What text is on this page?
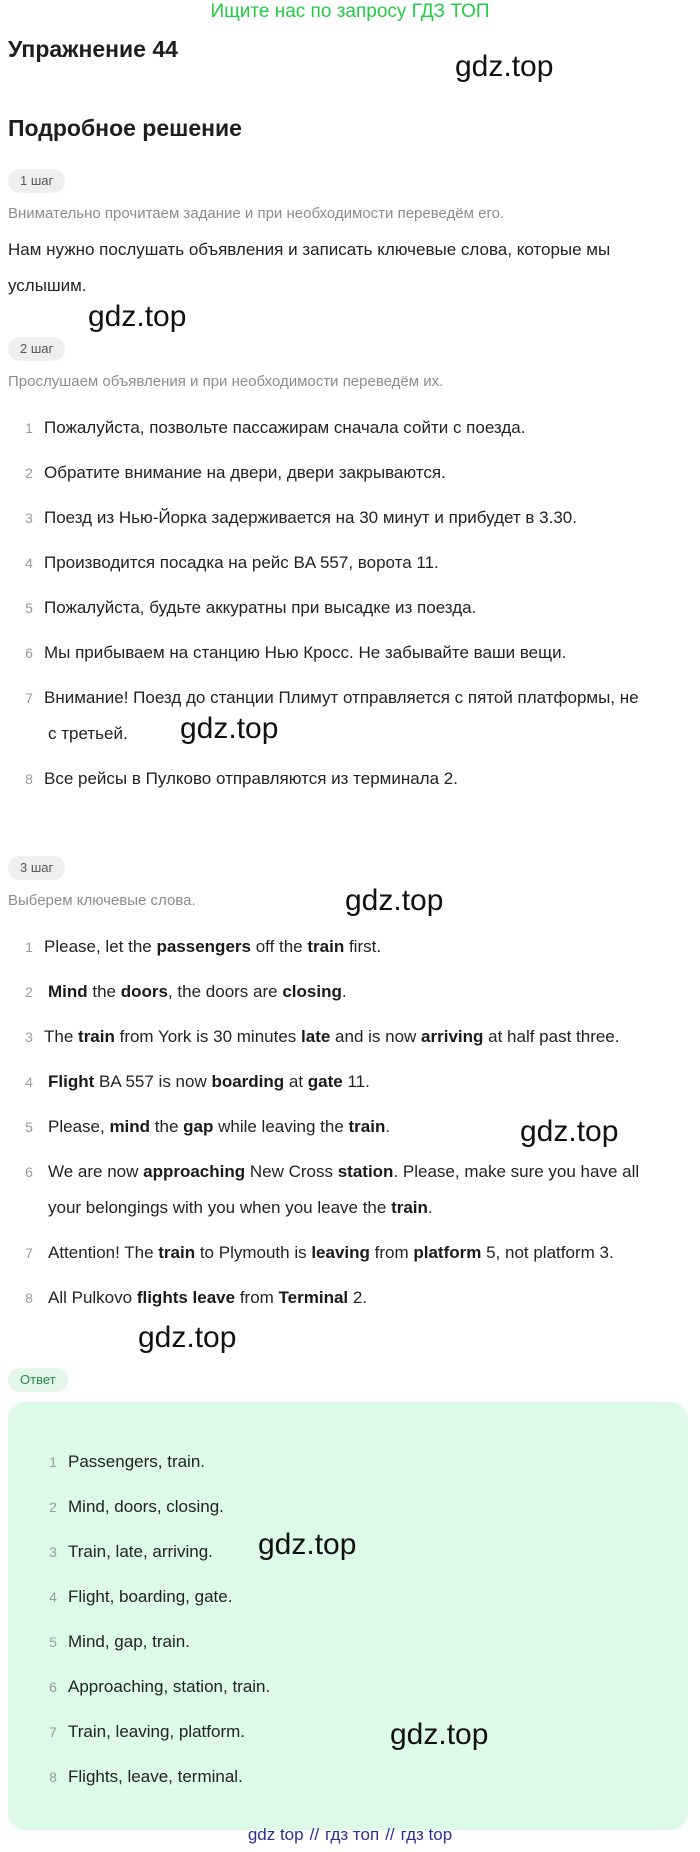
Ищите нас по запросу ГДЗ ТОП
Упражнение 44
gdz.top
Подробное решение
1 шаг
Внимательно прочитаем задание и при необходимости переведём его.
Нам нужно послушать объявления и записать ключевые слова, которые мы
услышим.
gdz.top
2 шаг
Прослушаем объявления и при необходимости переведём их.
1 Пожалуйста, позвольте пассажирам сначала сойти с поезда.
2 Обратите внимание на двери, двери закрываются.
3 Поезд из Нью-Йорка задерживается на 30 минут и прибудет в 3.30.
4 Производится посадка на рейс BA 557, ворота 11.
5 Пожалуйста, будьте аккуратны при высадке из поезда.
6 Мы прибываем на станцию Нью Кросс. Не забывайте ваши вещи.
7 Внимание! Поезд до станции Плимут отправляется с пятой платформы, не
с третьей.	gdz.top
8 Все рейсы в Пулково отправляются из терминала 2.
3 шаг
Выберем ключевые слова.	gdz.top
1 Please, let the passengers off the train first.
2 Mind the doors, the doors are closing.
3 The train from York is 30 minutes late and is now arriving at half past three.
4 Flight BA 557 is now boarding at gate 11.
5 Please, mind the gap while leaving the train.	gdz.top
6 We are now approaching New Cross station. Please, make sure you have all
your belongings with you when you leave the train.
7 Attention! The train to Plymouth is leaving from platform 5, not platform 3.
8 All Pulkovo flights leave from Terminal 2.
gdz.top
Ответ
1 Passengers, train.
2 Mind, doors, closing.
3 Train, late, arriving. gdz.top
4 Flight, boarding, gate.
5 Mind, gap, train.
6 Approaching, station, train.
7 Train, leaving, platform.	gdz.top
8 Flights, leave, terminal.
gdz top // гдз топ // гдз top
